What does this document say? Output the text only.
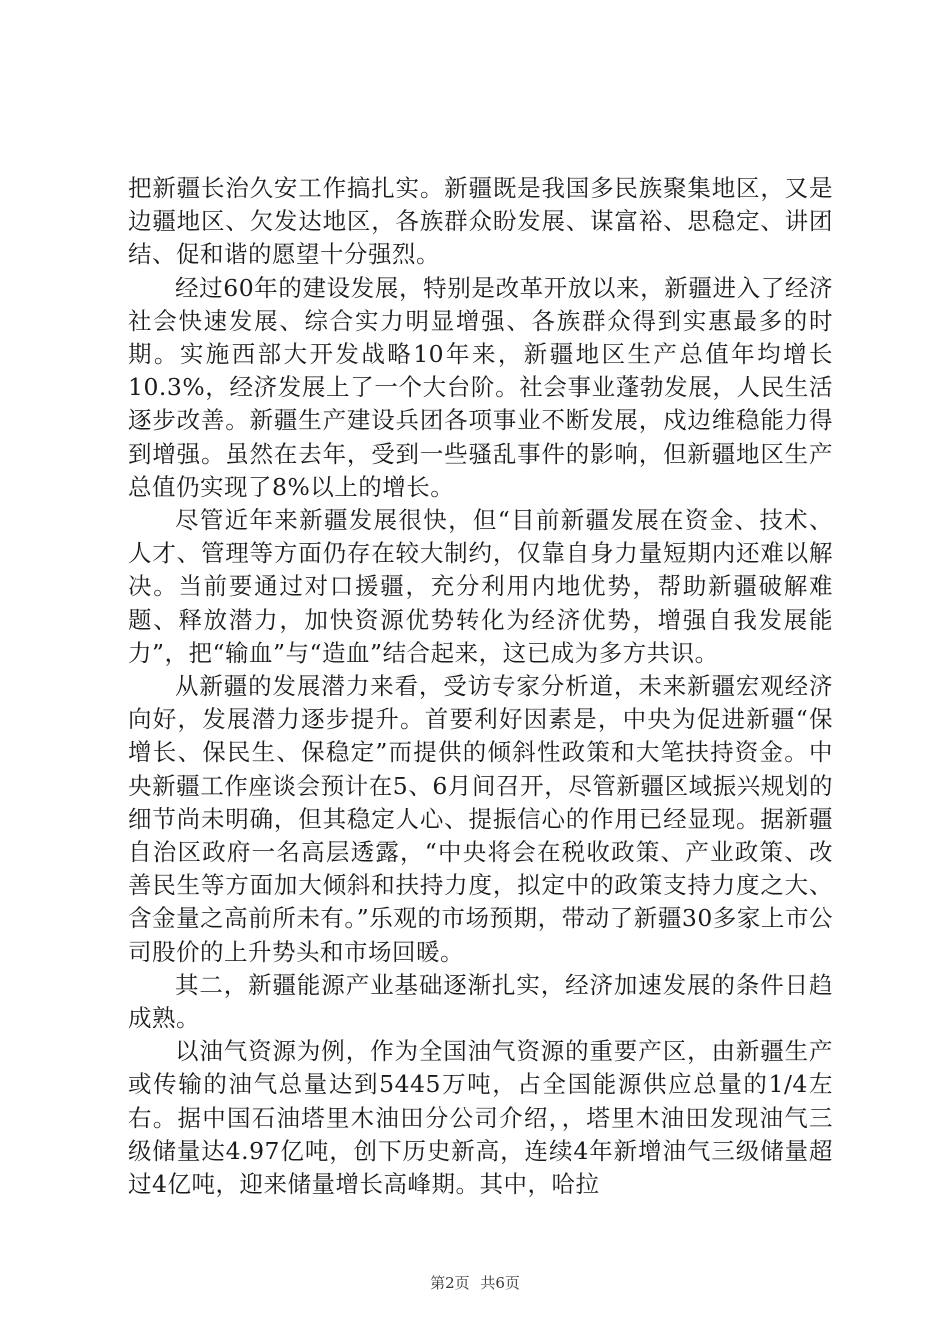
把新疆长治久安工作搞扎实。新疆既是我国多民族聚集地区，又是边疆地区、欠发达地区，各族群众盼发展、谋富裕、思稳定、讲团结、促和谐的愿望十分强烈。

经过60年的建设发展，特别是改革开放以来，新疆进入了经济社会快速发展、综合实力明显增强、各族群众得到实惠最多的时期。实施西部大开发战略10年来，新疆地区生产总值年均增长10.3%，经济发展上了一个大台阶。社会事业蓬勃发展，人民生活逐步改善。新疆生产建设兵团各项事业不断发展，戍边维稳能力得到增强。虽然在去年，受到一些骚乱事件的影响，但新疆地区生产总值仍实现了8%以上的增长。

尽管近年来新疆发展很快，但“目前新疆发展在资金、技术、人才、管理等方面仍存在较大制约，仅靠自身力量短期内还难以解决。当前要通过对口援疆，充分利用内地优势，帮助新疆破解难题、释放潜力，加快资源优势转化为经济优势，增强自我发展能力”，把“输血”与“造血”结合起来，这已成为多方共识。

从新疆的发展潜力来看，受访专家分析道，未来新疆宏观经济向好，发展潜力逐步提升。首要利好因素是，中央为促进新疆“保增长、保民生、保稳定”而提供的倾斜性政策和大笔扶持资金。中央新疆工作座谈会预计在5、6月间召开，尽管新疆区域振兴规划的细节尚未明确，但其稳定人心、提振信心的作用已经显现。据新疆自治区政府一名高层透露，“中央将会在税收政策、产业政策、改善民生等方面加大倾斜和扶持力度，拟定中的政策支持力度之大、含金量之高前所未有。”乐观的市场预期，带动了新疆30多家上市公司股价的上升势头和市场回暖。

其二，新疆能源产业基础逐渐扎实，经济加速发展的条件日趋成熟。

以油气资源为例，作为全国油气资源的重要产区，由新疆生产或传输的油气总量达到5445万吨，占全国能源供应总量的1/4左右。据中国石油塔里木油田分公司介绍，，塔里木油田发现油气三级储量达4.97亿吨，创下历史新高，连续4年新增油气三级储量超过4亿吨，迎来储量增长高峰期。其中，哈拉

第2页 共6页
